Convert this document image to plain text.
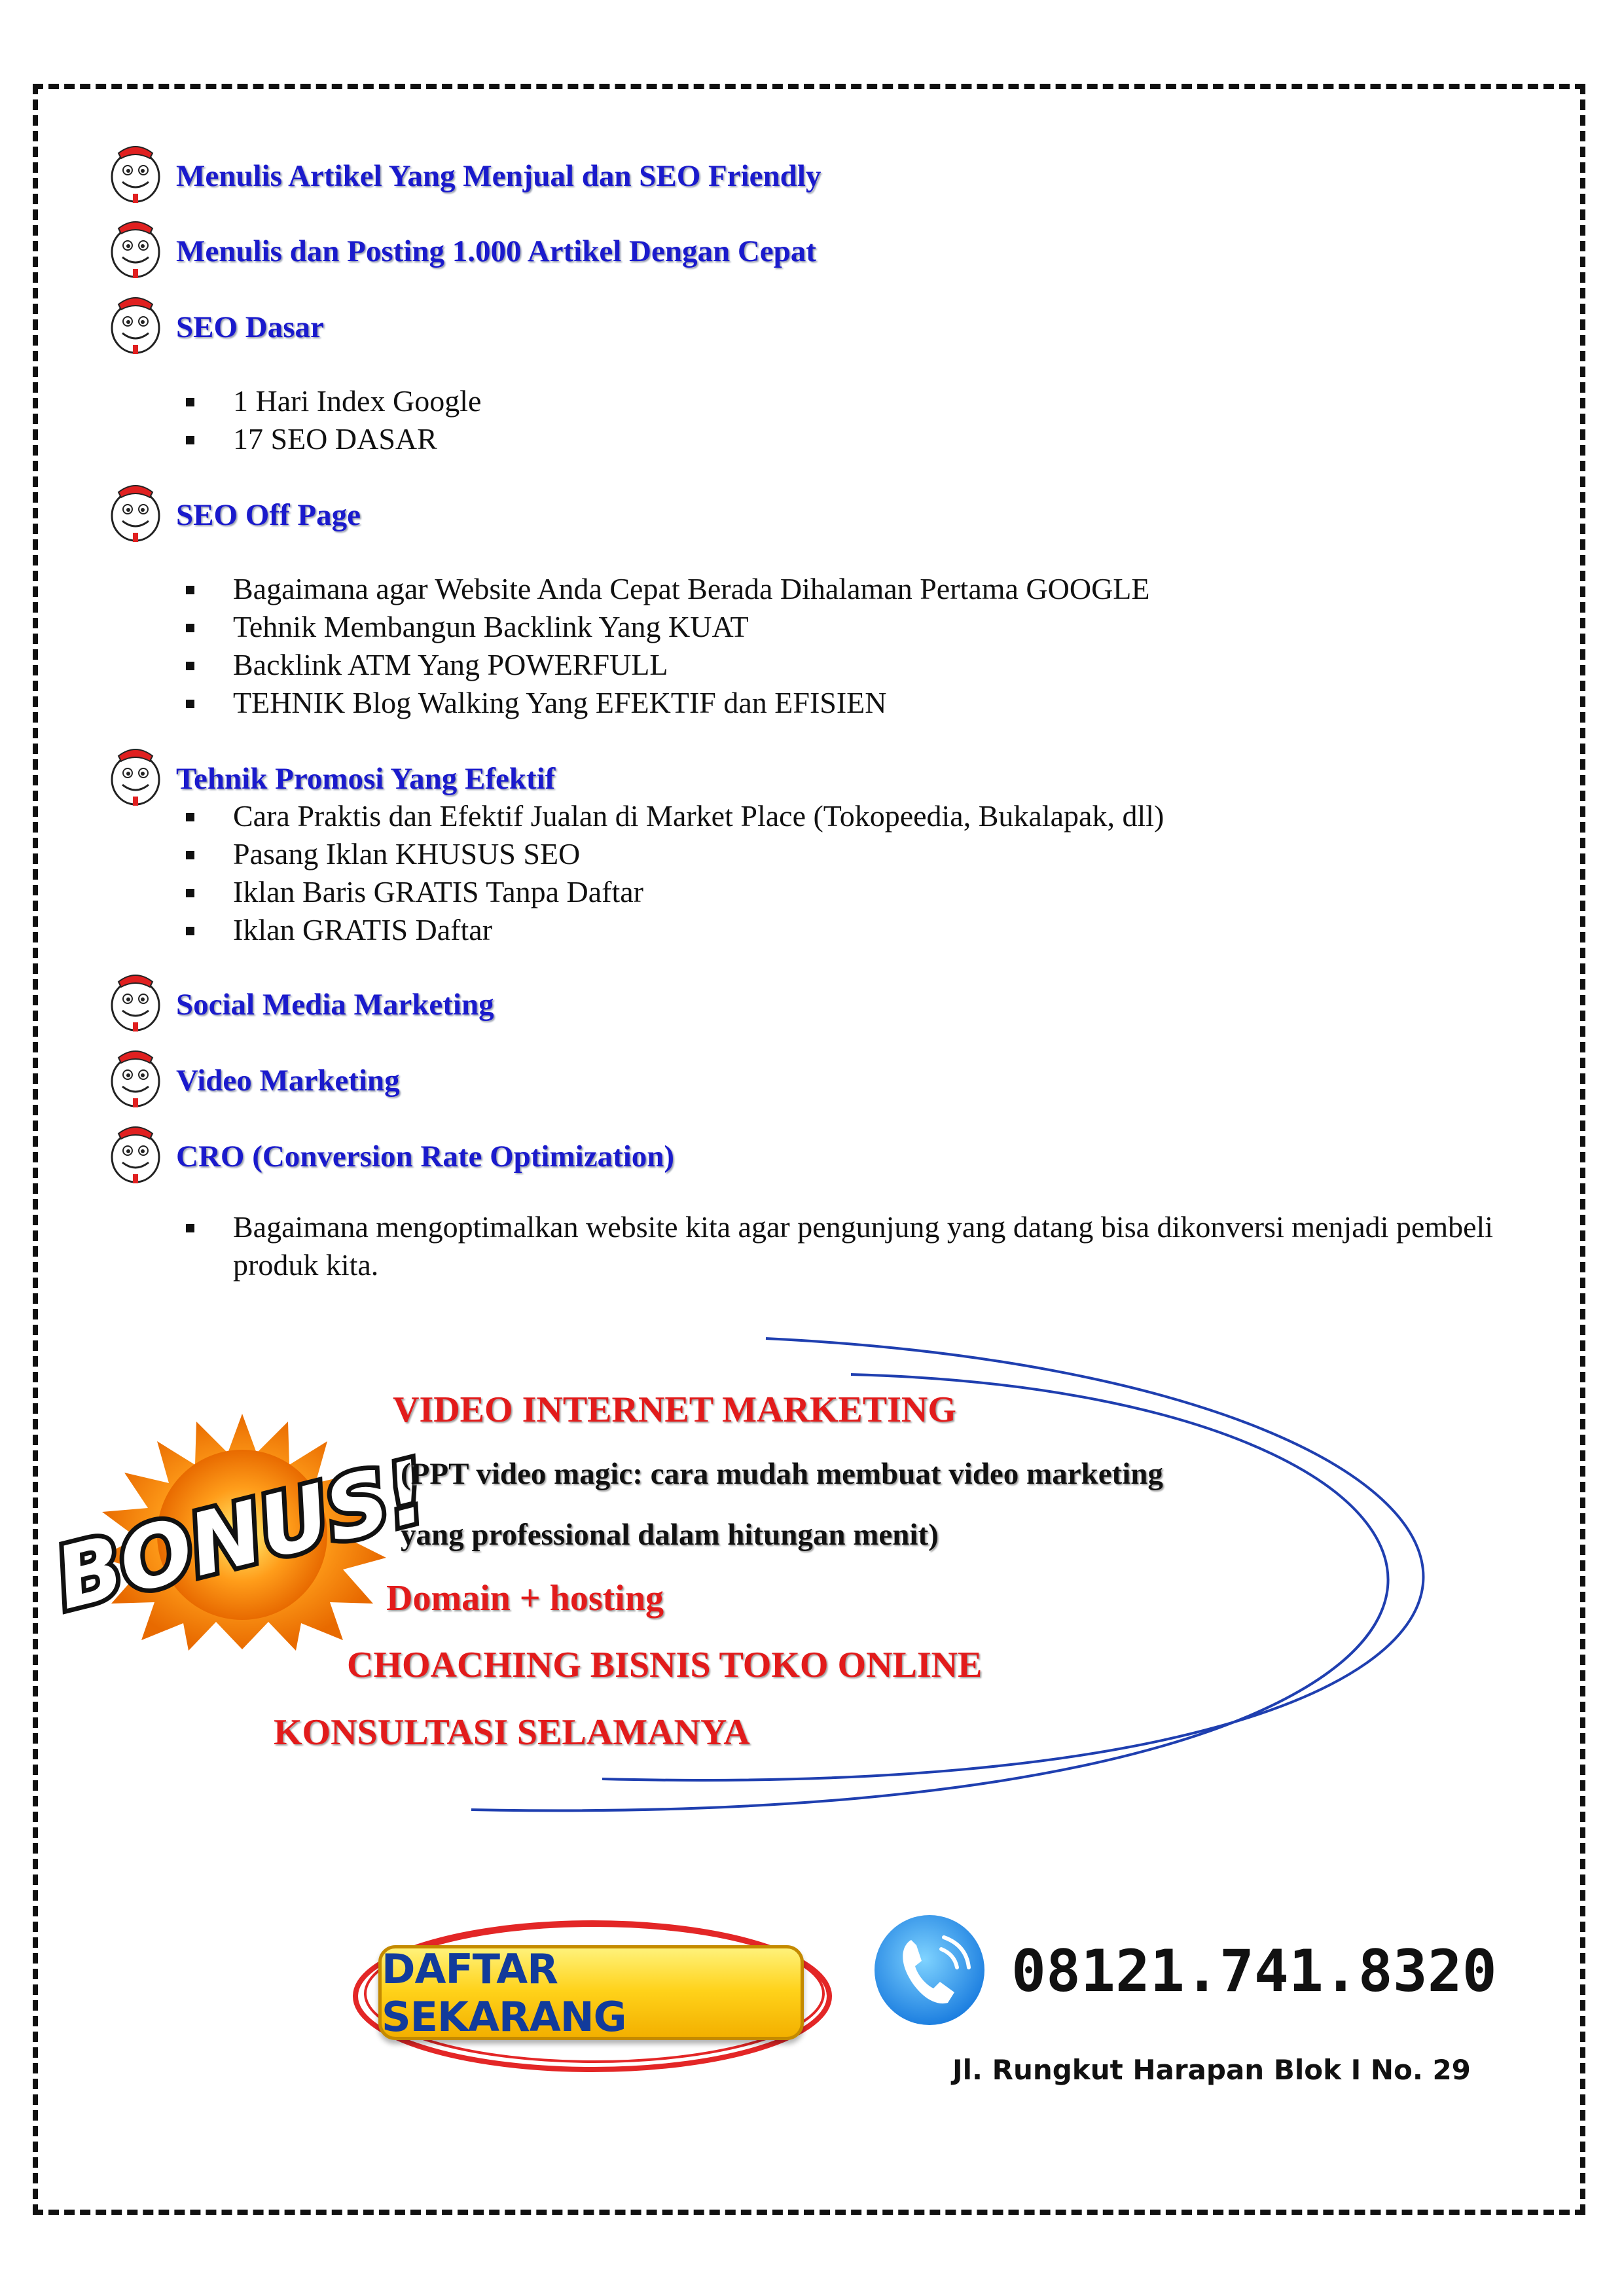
Menulis Artikel Yang Menjual dan SEO Friendly
Menulis dan Posting 1.000 Artikel Dengan Cepat
SEO Dasar
1 Hari Index Google
17 SEO DASAR
SEO Off Page
Bagaimana agar Website Anda Cepat Berada Dihalaman Pertama GOOGLE
Tehnik Membangun Backlink Yang KUAT
Backlink ATM Yang POWERFULL
TEHNIK Blog Walking Yang EFEKTIF dan EFISIEN
Tehnik Promosi Yang Efektif
Cara Praktis dan Efektif Jualan di Market Place (Tokopeedia, Bukalapak, dll)
Pasang Iklan KHUSUS SEO
Iklan Baris GRATIS Tanpa Daftar
Iklan GRATIS Daftar
Social Media Marketing
Video Marketing
CRO (Conversion Rate Optimization)
Bagaimana mengoptimalkan website kita agar pengunjung yang datang bisa dikonversi menjadi pembeli produk kita.
BONUS!
VIDEO INTERNET MARKETING
(PPT video magic: cara mudah membuat video marketing
yang professional dalam hitungan menit)
Domain + hosting
CHOACHING BISNIS TOKO ONLINE
KONSULTASI SELAMANYA
DAFTAR SEKARANG
08121.741.8320
Jl. Rungkut Harapan Blok I No. 29
